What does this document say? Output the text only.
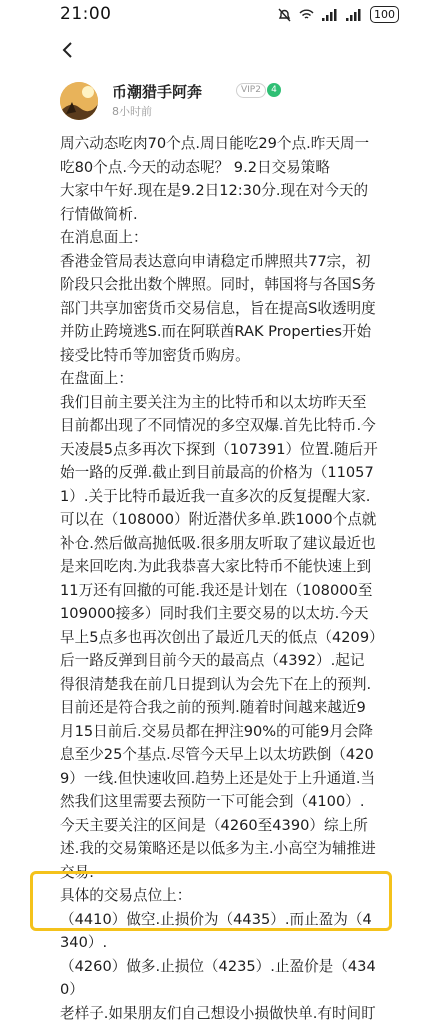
21:00	100
币潮猎手阿奔	VIP2	4
8小时前

周六动态吃肉70个点.周日能吃29个点.昨天周一吃80个点.今天的动态呢？ 9.2日交易策略

大家中午好.现在是9.2日12:30分.现在对今天的行情做简析.

在消息面上：

香港金管局表达意向申请稳定币牌照共77宗，初阶段只会批出数个牌照。同时，韩国将与各国S务部门共享加密货币交易信息，旨在提高S收透明度并防止跨境逃S.而在阿联酋RAK Properties开始接受比特币等加密货币购房。

在盘面上：

我们目前主要关注为主的比特币和以太坊昨天至目前都出现了不同情况的多空双爆.首先比特币.今天凌晨5点多再次下探到（107391）位置.随后开始一路的反弹.截止到目前最高的价格为（110571）.关于比特币最近我一直多次的反复提醒大家.可以在（108000）附近潜伏多单.跌1000个点就补仓.然后做高抛低吸.很多朋友听取了建议最近也是来回吃肉.为此我恭喜大家比特币不能快速上到11万还有回撤的可能.我还是计划在（108000至109000接多）同时我们主要交易的以太坊.今天早上5点多也再次创出了最近几天的低点（4209）后一路反弹到目前今天的最高点（4392）.起记得很清楚我在前几日提到认为会先下在上的预判.目前还是符合我之前的预判.随着时间越来越近9月15日前后.交易员都在押注90%的可能9月会降息至少25个基点.尽管今天早上以太坊跌倒（4209）一线.但快速收回.趋势上还是处于上升通道.当然我们这里需要去预防一下可能会到（4100）.今天主要关注的区间是（4260至4390）综上所述.我的交易策略还是以低多为主.小高空为辅推进交易.

具体的交易点位上：

（4410）做空.止损价为（4435）.而止盈为（4340）.

（4260）做多.止损位（4235）.止盈价是（4340）

老样子.如果朋友们自己想设小损做快单.有时间盯
